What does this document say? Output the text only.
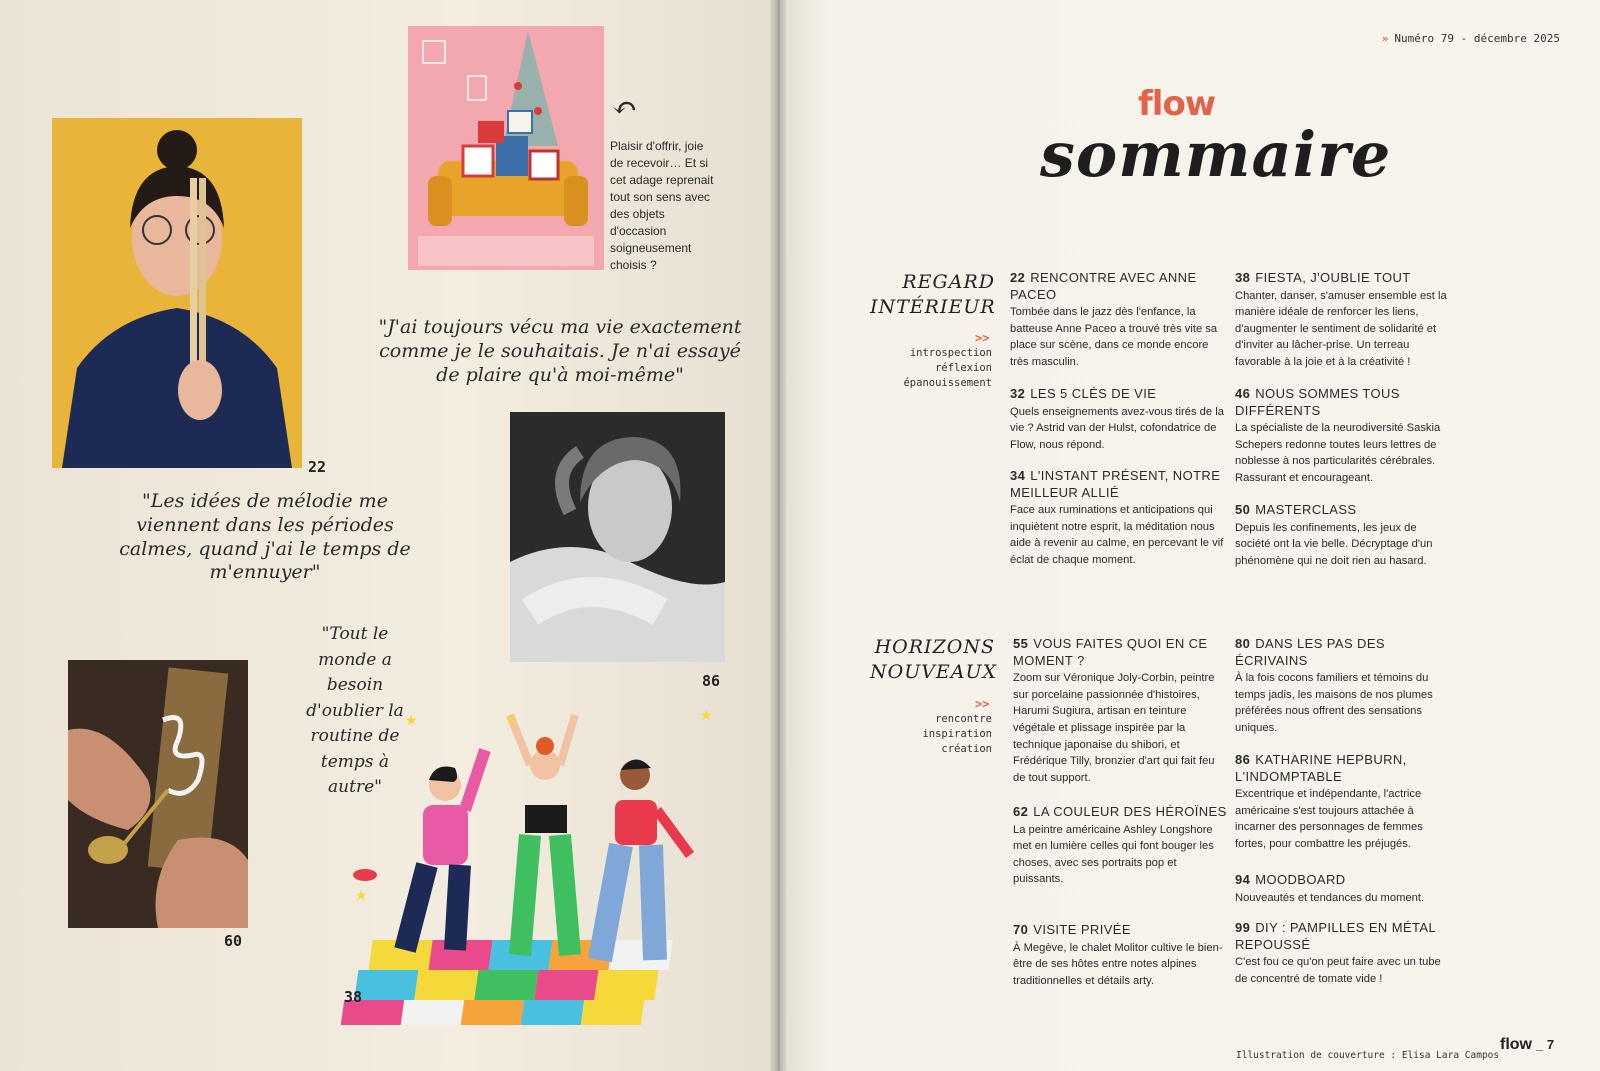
22
↶
Plaisir d'offrir, joie de recevoir… Et si cet adage reprenait tout son sens avec des objets d'occasion soigneusement choisis ?
"J'ai toujours vécu ma vie exactement comme je le souhaitais. Je n'ai essayé de plaire qu'à moi-même"
86
"Les idées de mélodie me viennent dans les périodes calmes, quand j'ai le temps de m'ennuyer"
60
"Tout le monde a besoin d'oublier la routine de temps à autre"
★	★
★
★
38
» Numéro 79 - décembre 2025
flow
sommaire
REGARD
INTÉRIEUR
>>
introspection
réflexion
épanouissement
HORIZONS
NOUVEAUX
>>
rencontre
inspiration
création
22 RENCONTRE AVEC ANNE PACEO
Tombée dans le jazz dès l'enfance, la batteuse Anne Paceo a trouvé très vite sa place sur scène, dans ce monde encore très masculin.
32 LES 5 CLÉS DE VIE
Quels enseignements avez-vous tirés de la vie ? Astrid van der Hulst, cofondatrice de Flow, nous répond.
34 L'INSTANT PRÉSENT, NOTRE MEILLEUR ALLIÉ
Face aux ruminations et anticipations qui inquiètent notre esprit, la méditation nous aide à revenir au calme, en percevant le vif éclat de chaque moment.
38 FIESTA, J'OUBLIE TOUT
Chanter, danser, s'amuser ensemble est la manière idéale de renforcer les liens, d'augmenter le sentiment de solidarité et d'inviter au lâcher-prise. Un terreau favorable à la joie et à la créativité !
46 NOUS SOMMES TOUS DIFFÉRENTS
La spécialiste de la neurodiversité Saskia Schepers redonne toutes leurs lettres de noblesse à nos particularités cérébrales. Rassurant et encourageant.
50 MASTERCLASS
Depuis les confinements, les jeux de société ont la vie belle. Décryptage d'un phénomène qui ne doit rien au hasard.
55 VOUS FAITES QUOI EN CE MOMENT ?
Zoom sur Véronique Joly-Corbin, peintre sur porcelaine passionnée d'histoires, Harumi Sugiura, artisan en teinture végétale et plissage inspirée par la technique japonaise du shibori, et Frédérique Tilly, bronzier d'art qui fait feu de tout support.
62 LA COULEUR DES HÉROÏNES
La peintre américaine Ashley Longshore met en lumière celles qui font bouger les choses, avec ses portraits pop et puissants.
70 VISITE PRIVÉE
À Megève, le chalet Molitor cultive le bien-être de ses hôtes entre notes alpines traditionnelles et détails arty.
80 DANS LES PAS DES ÉCRIVAINS
À la fois cocons familiers et témoins du temps jadis, les maisons de nos plumes préférées nous offrent des sensations uniques.
86 KATHARINE HEPBURN, L'INDOMPTABLE
Excentrique et indépendante, l'actrice américaine s'est toujours attachée à incarner des personnages de femmes fortes, pour combattre les préjugés.
94 MOODBOARD
Nouveautés et tendances du moment.
99 DIY : PAMPILLES EN MÉTAL REPOUSSÉ
C'est fou ce qu'on peut faire avec un tube de concentré de tomate vide !
Illustration de couverture : Elisa Lara Campos
flow _ 7
